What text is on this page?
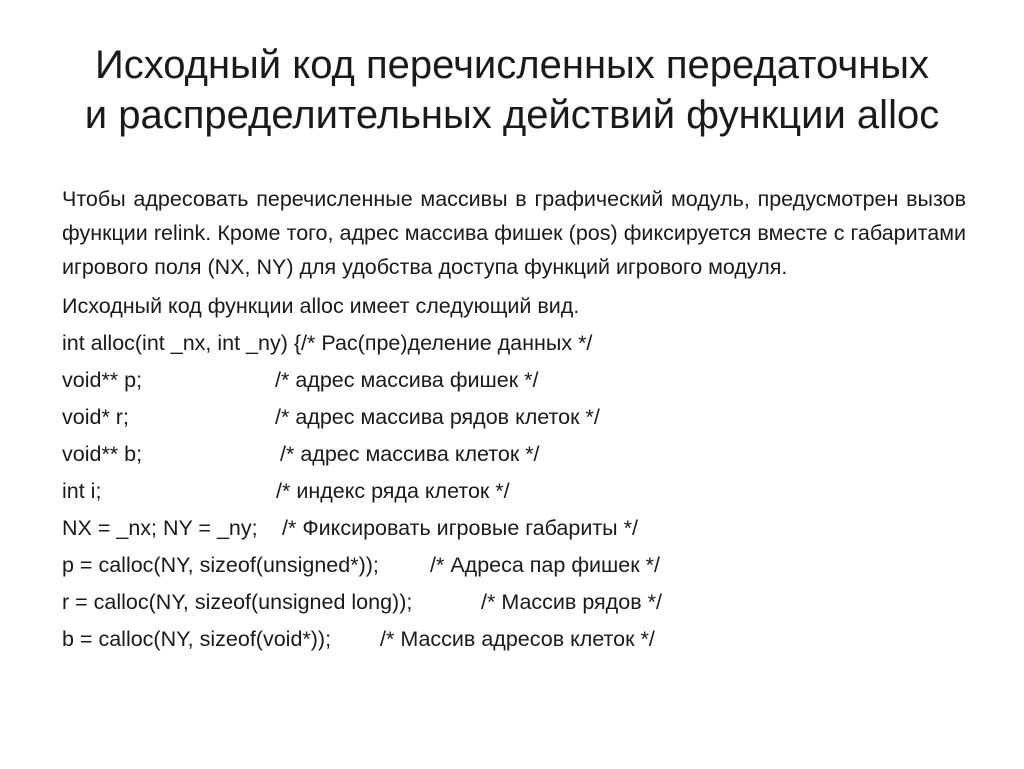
Исходный код перечисленных передаточных
и распределительных действий функции alloc

Чтобы адресовать перечисленные массивы в графический модуль, предусмотрен вызов функции relink. Кроме того, адрес массива фишек (pos) фиксируется вместе с габаритами игрового поля (NX, NY) для удобства доступа функций игрового модуля.

Исходный код функции alloc имеет следующий вид.

int alloc(int _nx, int _ny) {/* Рас(пре)деление данных */

void** p;

	/* адрес массива фишек */

void* r;

	/* адрес массива рядов клеток */

void** b;

	/* адрес массива клеток */

int i;

	/* индекс ряда клеток */

NX = _nx; NY = _ny;

/* Фиксировать игровые габариты */

p = calloc(NY, sizeof(unsigned*));

/* Адреса пар фишек */

r = calloc(NY, sizeof(unsigned long));

	/* Массив рядов */

b = calloc(NY, sizeof(void*));

/* Массив адресов клеток */
